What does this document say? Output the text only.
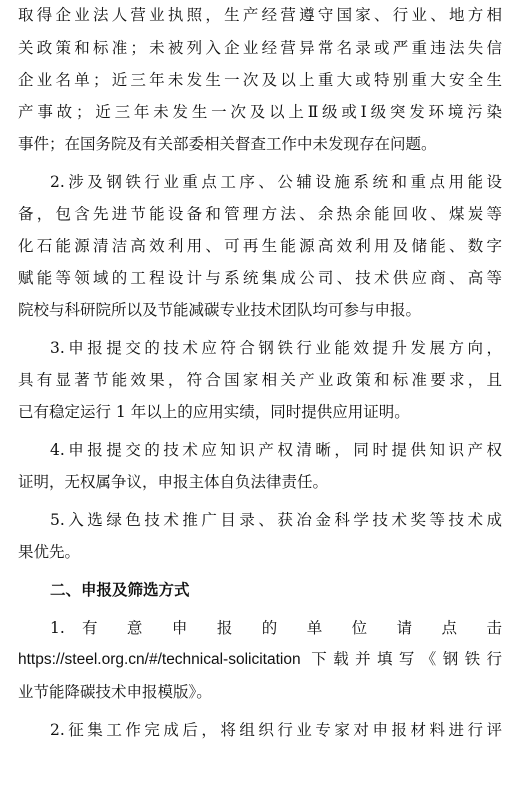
取得企业法人营业执照，生产经营遵守国家、行业、地方相
关政策和标准；未被列入企业经营异常名录或严重违法失信
企业名单；近三年未发生一次及以上重大或特别重大安全生
产事故；近三年未发生一次及以上Ⅱ级或Ⅰ级突发环境污染
事件；在国务院及有关部委相关督查工作中未发现存在问题。
2.涉及钢铁行业重点工序、公辅设施系统和重点用能设
备，包含先进节能设备和管理方法、余热余能回收、煤炭等
化石能源清洁高效利用、可再生能源高效利用及储能、数字
赋能等领域的工程设计与系统集成公司、技术供应商、高等
院校与科研院所以及节能减碳专业技术团队均可参与申报。
3.申报提交的技术应符合钢铁行业能效提升发展方向，
具有显著节能效果，符合国家相关产业政策和标准要求，且
已有稳定运行 1 年以上的应用实绩，同时提供应用证明。
4.申报提交的技术应知识产权清晰，同时提供知识产权
证明，无权属争议，申报主体自负法律责任。
5.入选绿色技术推广目录、获冶金科学技术奖等技术成
果优先。
二、申报及筛选方式
1. 有 意 申 报 的 单 位 请 点 击
https://steel.org.cn/#/technical-solicitation 下载并填写《钢铁行
业节能降碳技术申报模版》。
2.征集工作完成后，将组织行业专家对申报材料进行评
